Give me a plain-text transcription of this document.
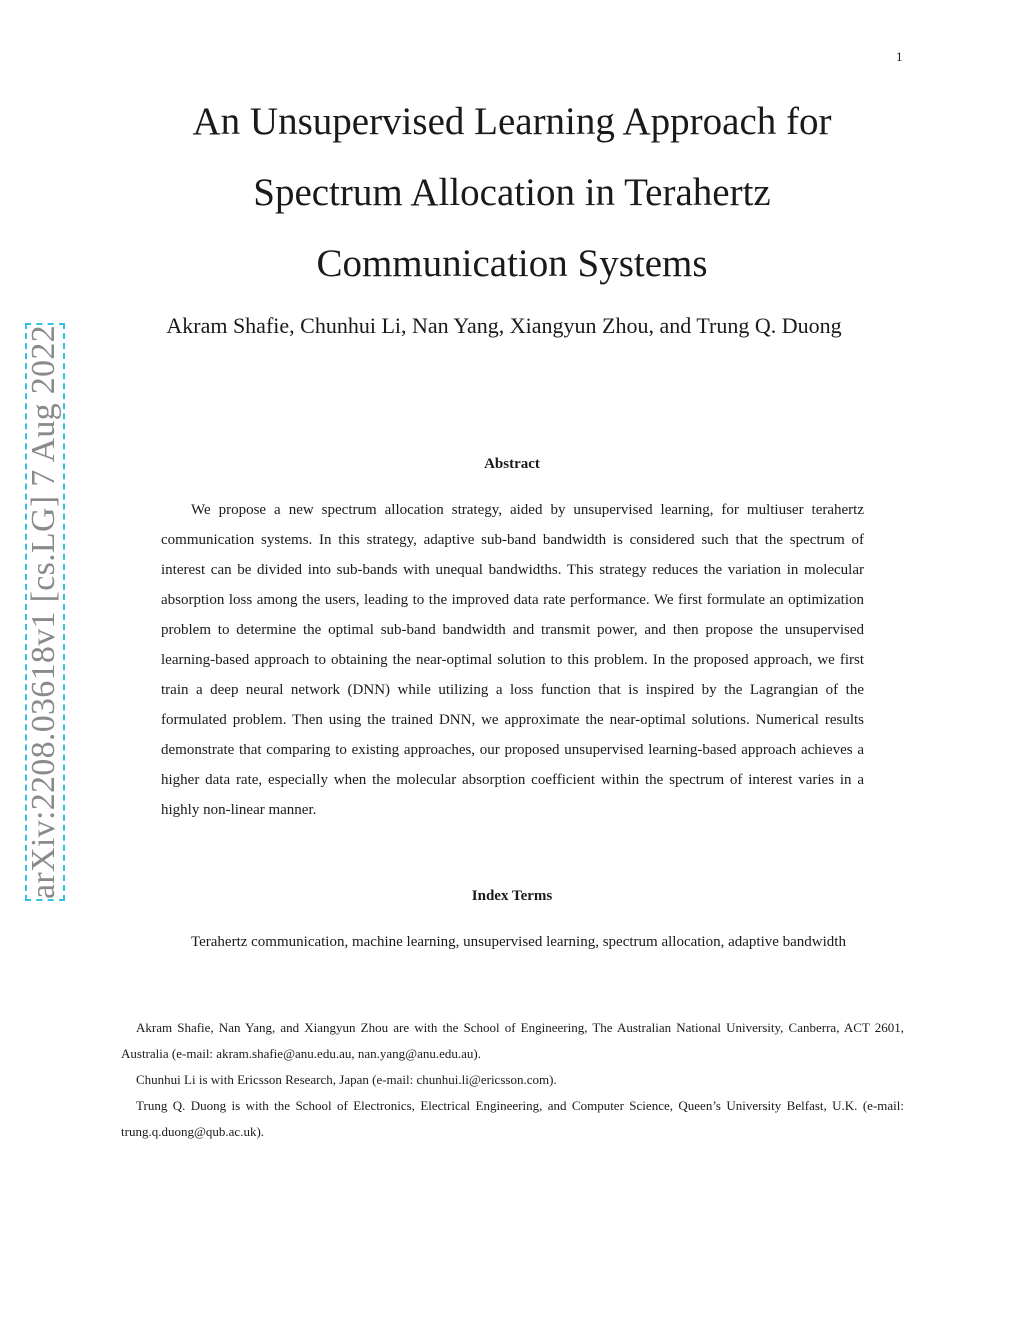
1
arXiv:2208.03618v1 [cs.LG] 7 Aug 2022
An Unsupervised Learning Approach for
Spectrum Allocation in Terahertz
Communication Systems
Akram Shafie, Chunhui Li, Nan Yang, Xiangyun Zhou, and Trung Q. Duong
Abstract

We propose a new spectrum allocation strategy, aided by unsupervised learning, for multiuser terahertz communication systems. In this strategy, adaptive sub-band bandwidth is considered such that the spectrum of interest can be divided into sub-bands with unequal bandwidths. This strategy reduces the variation in molecular absorption loss among the users, leading to the improved data rate performance. We first formulate an optimization problem to determine the optimal sub-band bandwidth and transmit power, and then propose the unsupervised learning-based approach to obtaining the near-optimal solution to this problem. In the proposed approach, we first train a deep neural network (DNN) while utilizing a loss function that is inspired by the Lagrangian of the formulated problem. Then using the trained DNN, we approximate the near-optimal solutions. Numerical results demonstrate that comparing to existing approaches, our proposed unsupervised learning-based approach achieves a higher data rate, especially when the molecular absorption coefficient within the spectrum of interest varies in a highly non-linear manner.

Index Terms

Terahertz communication, machine learning, unsupervised learning, spectrum allocation, adaptive bandwidth

Akram Shafie, Nan Yang, and Xiangyun Zhou are with the School of Engineering, The Australian National University, Canberra, ACT 2601, Australia (e-mail: akram.shafie@anu.edu.au, nan.yang@anu.edu.au).

Chunhui Li is with Ericsson Research, Japan (e-mail: chunhui.li@ericsson.com).

Trung Q. Duong is with the School of Electronics, Electrical Engineering, and Computer Science, Queen’s University Belfast, U.K. (e-mail: trung.q.duong@qub.ac.uk).
